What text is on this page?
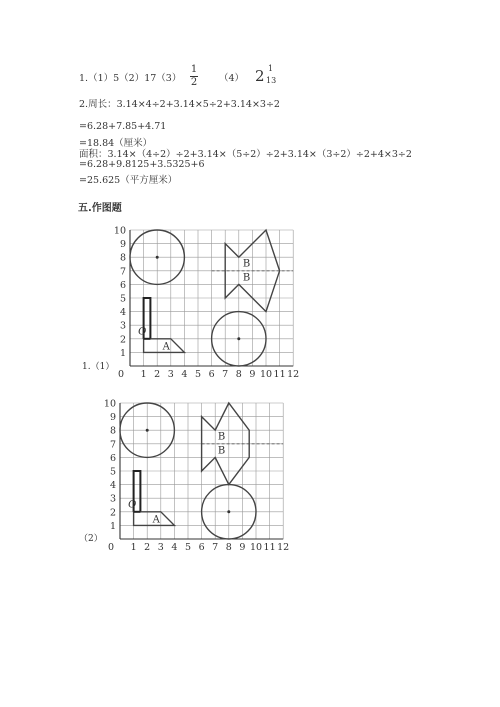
1.（1）5（2）17（3）
1
2 （4） 2 1
13
2.周长：3.14×4÷2+3.14×5÷2+3.14×3÷2
=6.28+7.85+4.71
=18.84（厘米）
面积：3.14×（4÷2）÷2+3.14×（5÷2）÷2+3.14×（3÷2）÷2+4×3÷2
=6.28+9.8125+3.5325+6
=25.625（平方厘米）
五.作图题
1.（1）
（2）
0 1 2 3 4 5 6 7 8 9 10 11 12
1
2
3
4
5
6
7
8
9
10
A
O
B
B
0 1 2 3 4 5 6 7 8 9 10 11 12
1
2
3
4
5
6
7
8
9
10
A
O
B
B
